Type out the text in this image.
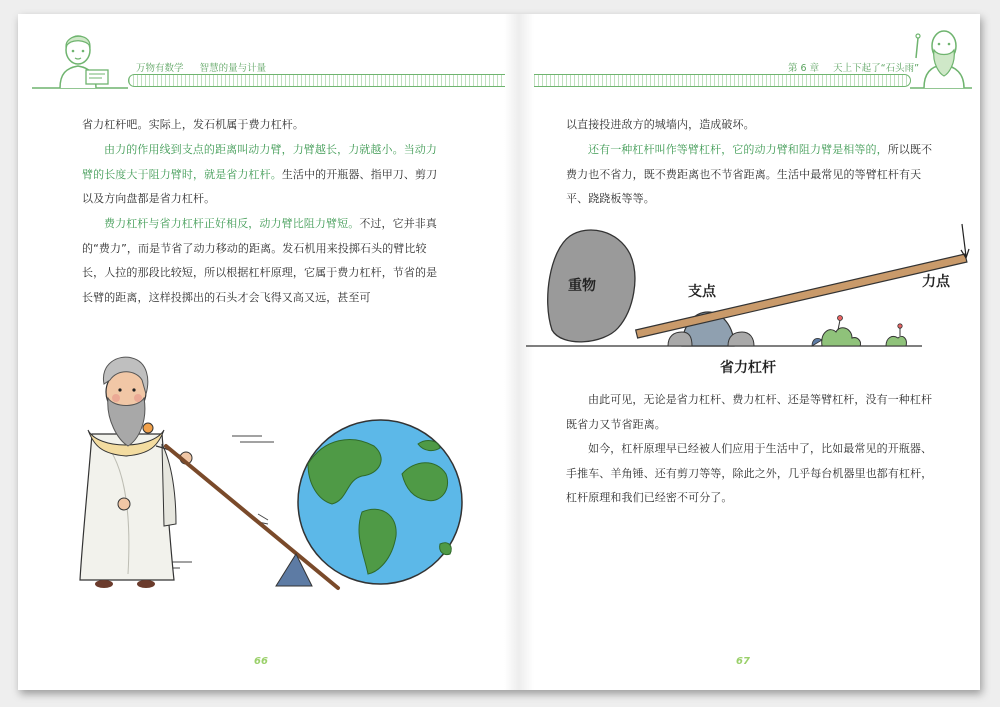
万物有数学 智慧的量与计量	第 6 章 天上下起了“石头雨”

省力杠杆吧。实际上，发石机属于费力杠杆。

由力的作用线到支点的距离叫动力臂，力臂越长，力就越小。当动力臂的长度大于阻力臂时，就是省力杠杆。生活中的开瓶器、指甲刀、剪刀以及方向盘都是省力杠杆。

费力杠杆与省力杠杆正好相反，动力臂比阻力臂短。不过，它并非真的“费力”，而是节省了动力移动的距离。发石机用来投掷石头的臂比较长，人拉的那段比较短，所以根据杠杆原理，它属于费力杠杆，节省的是长臂的距离，这样投掷出的石头才会飞得又高又远，甚至可

66

以直接投进敌方的城墙内，造成破坏。

还有一种杠杆叫作等臂杠杆，它的动力臂和阻力臂是相等的，所以既不费力也不省力，既不费距离也不节省距离。生活中最常见的等臂杠杆有天平、跷跷板等等。

重物	支点
力点
省力杠杆

由此可见，无论是省力杠杆、费力杠杆、还是等臂杠杆，没有一种杠杆既省力又节省距离。

如今，杠杆原理早已经被人们应用于生活中了，比如最常见的开瓶器、手推车、羊角锤、还有剪刀等等，除此之外，几乎每台机器里也都有杠杆，杠杆原理和我们已经密不可分了。

67
